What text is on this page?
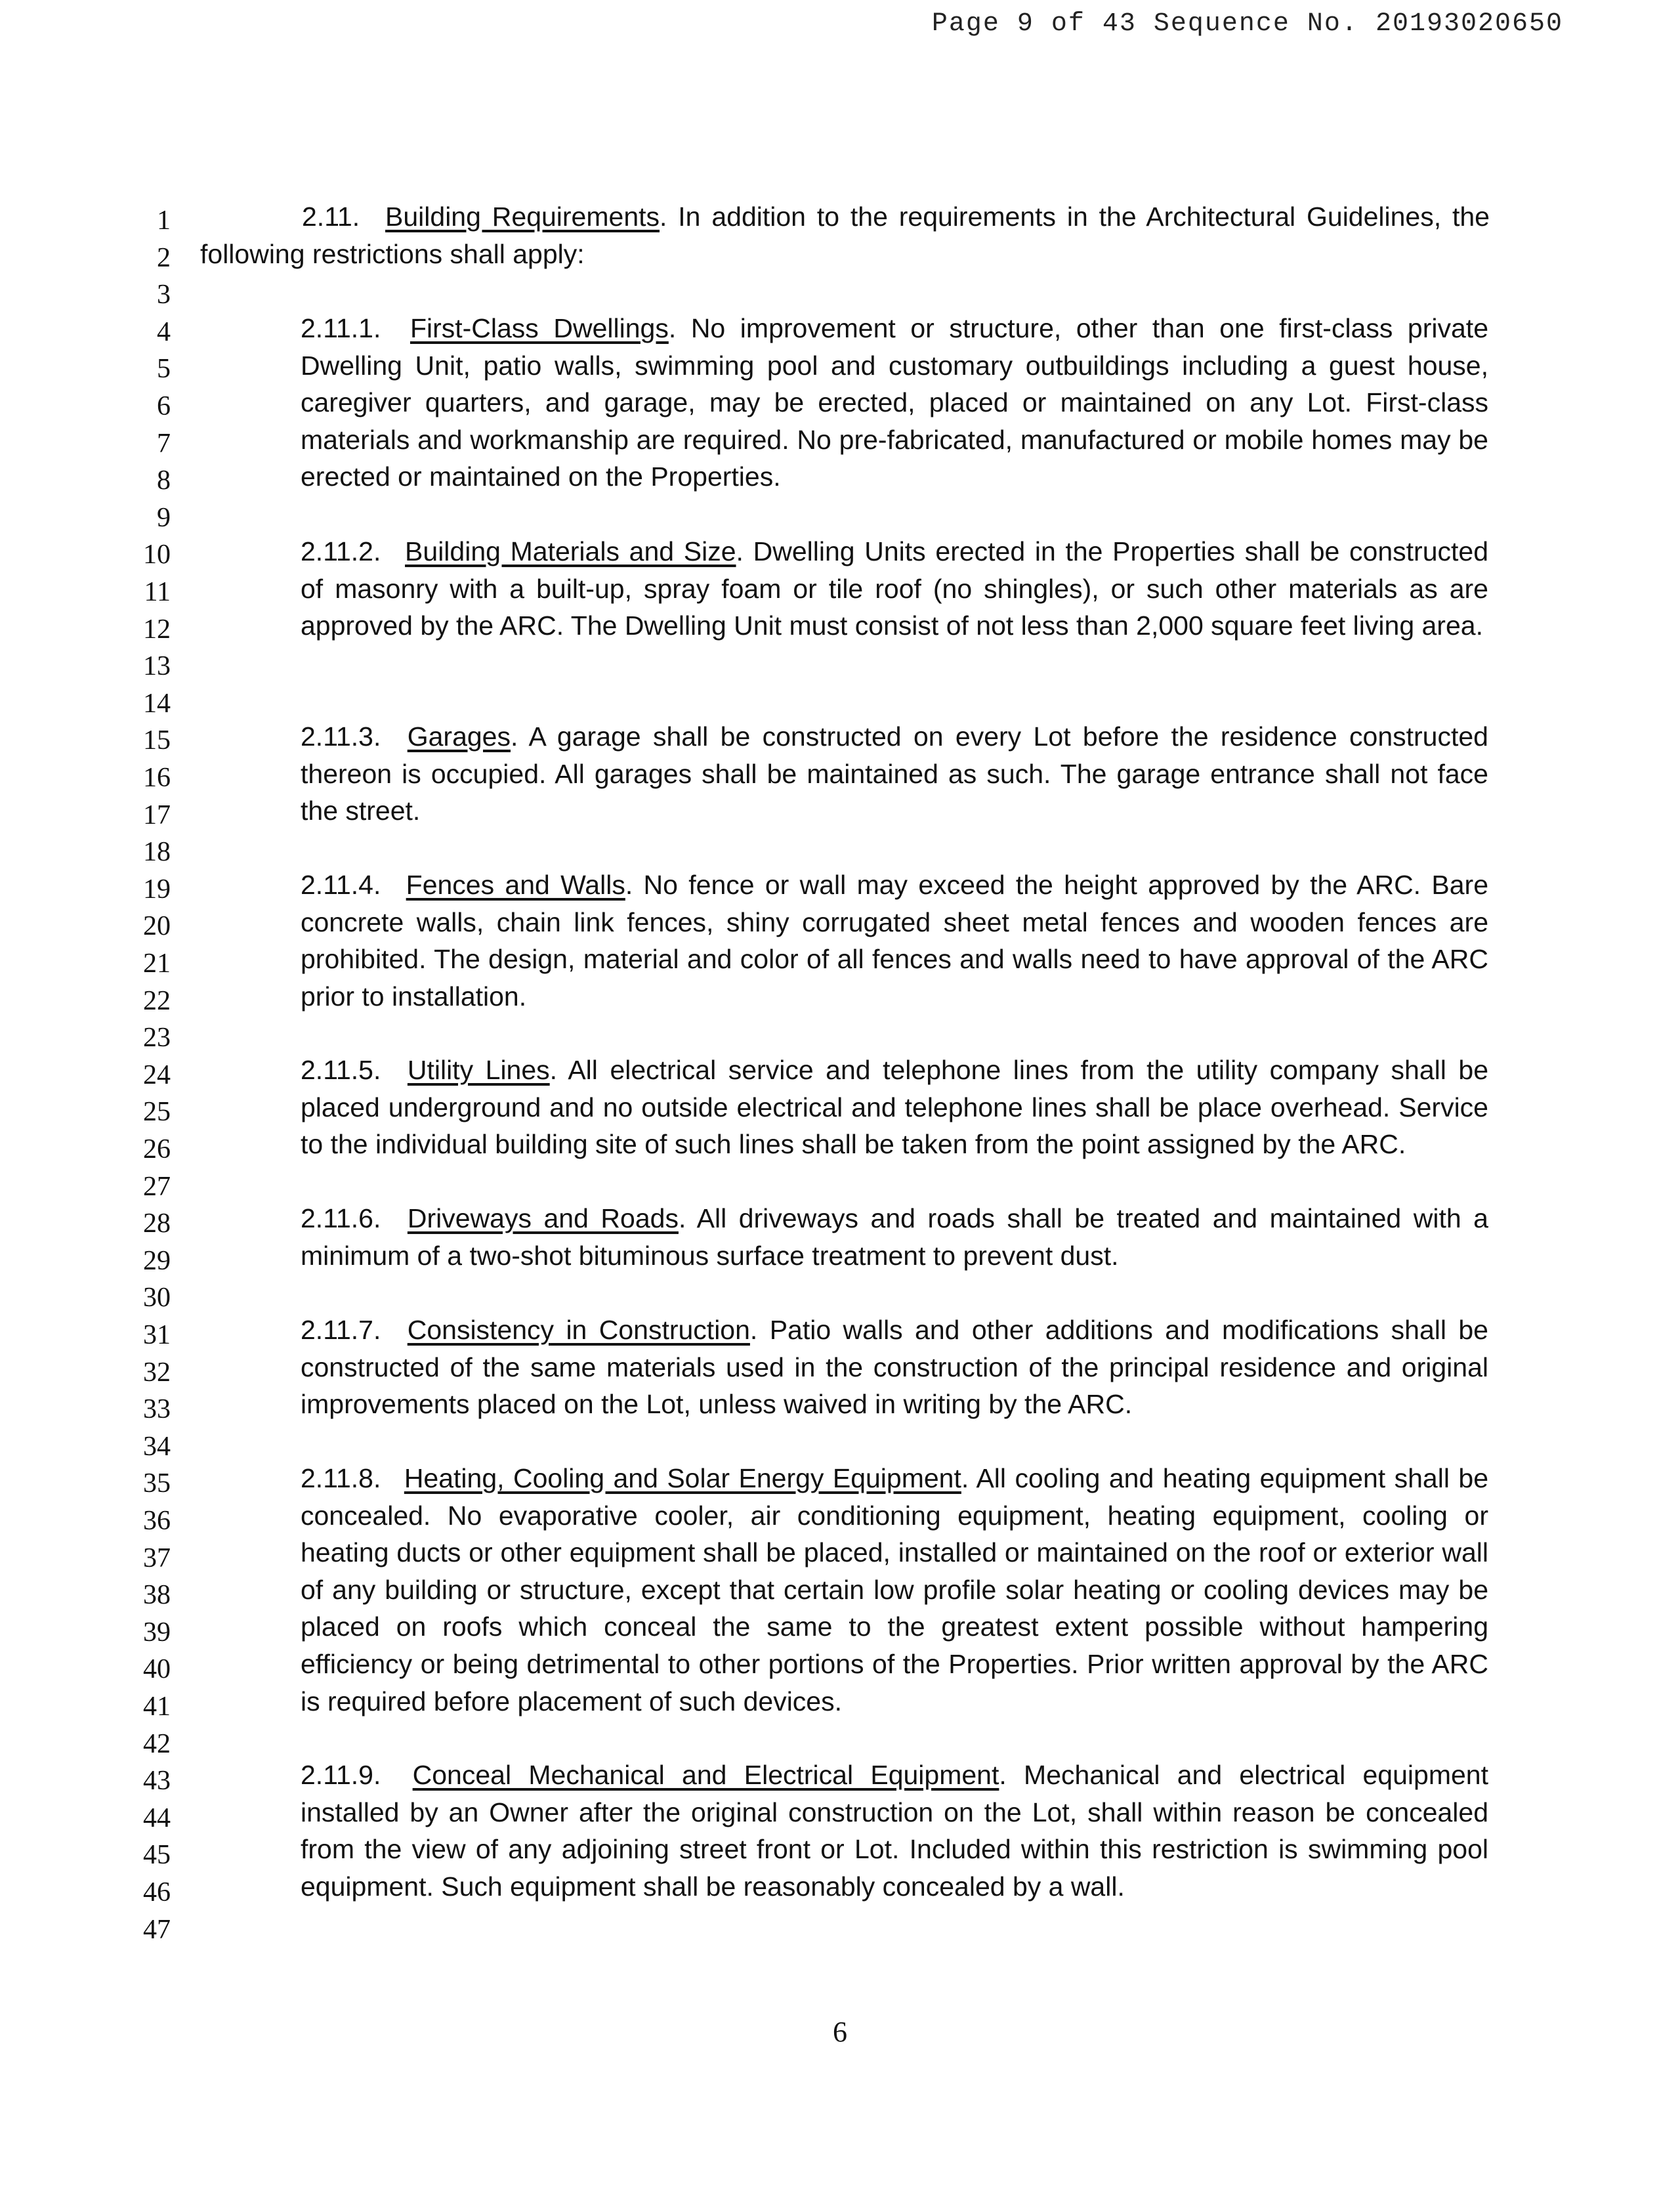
Page 9 of 43 Sequence No. 20193020650
1
2
3
4
5
6
7
8
9
10
11
12
13
14
15
16
17
18
19
20
21
22
23
24
25
26
27
28
29
30
31
32
33
34
35
36
37
38
39
40
41
42
43
44
45
46
47

2.11. Building Requirements. In addition to the requirements in the Architectural Guidelines, the following restrictions shall apply:

2.11.1. First-Class Dwellings. No improvement or structure, other than one first-class private Dwelling Unit, patio walls, swimming pool and customary outbuildings including a guest house, caregiver quarters, and garage, may be erected, placed or maintained on any Lot. First-class materials and workmanship are required. No pre-fabricated, manufactured or mobile homes may be erected or maintained on the Properties.

2.11.2. Building Materials and Size. Dwelling Units erected in the Properties shall be constructed of masonry with a built-up, spray foam or tile roof (no shingles), or such other materials as are approved by the ARC. The Dwelling Unit must consist of not less than 2,000 square feet living area.

2.11.3. Garages. A garage shall be constructed on every Lot before the residence constructed thereon is occupied. All garages shall be maintained as such. The garage entrance shall not face the street.

2.11.4. Fences and Walls. No fence or wall may exceed the height approved by the ARC. Bare concrete walls, chain link fences, shiny corrugated sheet metal fences and wooden fences are prohibited. The design, material and color of all fences and walls need to have approval of the ARC prior to installation.

2.11.5. Utility Lines. All electrical service and telephone lines from the utility company shall be placed underground and no outside electrical and telephone lines shall be place overhead. Service to the individual building site of such lines shall be taken from the point assigned by the ARC.

2.11.6. Driveways and Roads. All driveways and roads shall be treated and maintained with a minimum of a two-shot bituminous surface treatment to prevent dust.

2.11.7. Consistency in Construction. Patio walls and other additions and modifications shall be constructed of the same materials used in the construction of the principal residence and original improvements placed on the Lot, unless waived in writing by the ARC.

2.11.8. Heating, Cooling and Solar Energy Equipment. All cooling and heating equipment shall be concealed. No evaporative cooler, air conditioning equipment, heating equipment, cooling or heating ducts or other equipment shall be placed, installed or maintained on the roof or exterior wall of any building or structure, except that certain low profile solar heating or cooling devices may be placed on roofs which conceal the same to the greatest extent possible without hampering efficiency or being detrimental to other portions of the Properties. Prior written approval by the ARC is required before placement of such devices.

2.11.9. Conceal Mechanical and Electrical Equipment. Mechanical and electrical equipment installed by an Owner after the original construction on the Lot, shall within reason be concealed from the view of any adjoining street front or Lot. Included within this restriction is swimming pool equipment. Such equipment shall be reasonably concealed by a wall.

6
